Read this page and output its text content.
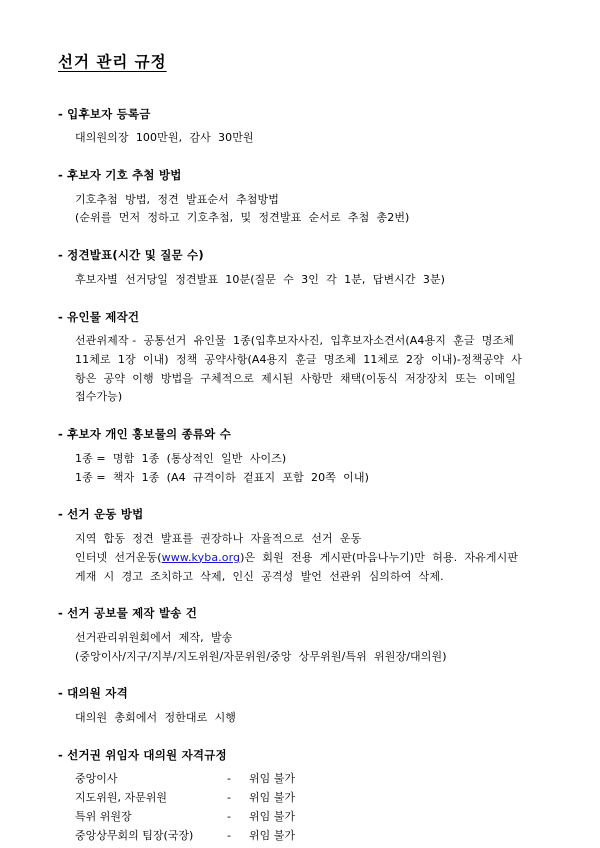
선거 관리 규정
- 입후보자 등록금
대의원의장  100만원,  감사  30만원
- 후보자 기호 추첨 방법
기호추첨  방법,  정견  발표순서  추첨방법
(순위를  먼저  정하고  기호추첨,  및  정견발표  순서로  추첨  총2번)
- 정견발표(시간 및 질문 수)
후보자별  선거당일  정견발표  10분(질문  수  3인  각  1분,  답변시간  3분)
- 유인물 제작건
선관위제작 -  공통선거  유인물  1종(입후보자사진,  입후보자소견서(A4용지  훈글  명조체
11체로  1장  이내)  정책  공약사항(A4용지  훈글  명조체  11체로  2장  이내)-정책공약  사
항은  공약  이행  방법을  구체적으로  제시된  사항만  채택(이동식  저장장치  또는  이메일
접수가능)
- 후보자 개인 홍보물의 종류와 수
1종 =  명함  1종  (통상적인  일반  사이즈)
1종 =  책자  1종  (A4  규격이하  겉표지  포함  20쪽  이내)
- 선거 운동 방법
지역  합동  정견  발표를  권장하나  자율적으로  선거  운동
인터넷  선거운동(www.kyba.org)은  회원  전용  게시판(마음나누기)만  허용.  자유게시판
게재  시  경고  조치하고  삭제,  인신  공격성  발언  선관위  심의하여  삭제.
- 선거 공보물 제작 발송 건
선거관리위원회에서  제작,  발송
(중앙이사/지구/지부/지도위원/자문위원/중앙  상무위원/특위  위원장/대의원)
- 대의원 자격
대의원  총회에서  정한대로  시행
- 선거권 위임자 대의원 자격규정
중앙이사	-	위임 불가
지도위원, 자문위원	-	위임 불가
특위 위원장	-	위임 불가
중앙상무회의 팀장(국장)	-	위임 불가
